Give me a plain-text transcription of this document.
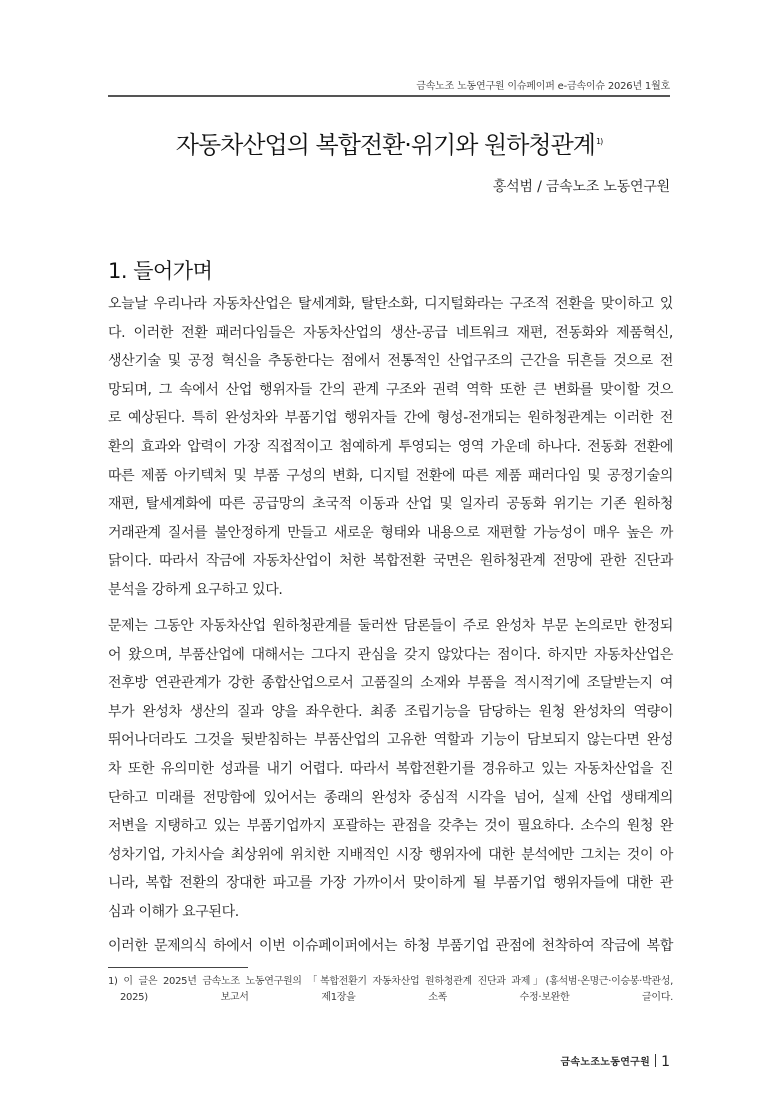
금속노조 노동연구원 이슈페이퍼 e-금속이슈 2026년 1월호
자동차산업의 복합전환·위기와 원하청관계$^{1)}$
홍석범 / 금속노조 노동연구원
1. 들어가며
오늘날 우리나라 자동차산업은 탈세계화, 탈탄소화, 디지털화라는 구조적 전환을 맞이하고 있
다. 이러한 전환 패러다임들은 자동차산업의 생산-공급 네트워크 재편, 전동화와 제품혁신,
생산기술 및 공정 혁신을 추동한다는 점에서 전통적인 산업구조의 근간을 뒤흔들 것으로 전
망되며, 그 속에서 산업 행위자들 간의 관계 구조와 권력 역학 또한 큰 변화를 맞이할 것으
로 예상된다. 특히 완성차와 부품기업 행위자들 간에 형성-전개되는 원하청관계는 이러한 전
환의 효과와 압력이 가장 직접적이고 첨예하게 투영되는 영역 가운데 하나다. 전동화 전환에
따른 제품 아키텍처 및 부품 구성의 변화, 디지털 전환에 따른 제품 패러다임 및 공정기술의
재편, 탈세계화에 따른 공급망의 초국적 이동과 산업 및 일자리 공동화 위기는 기존 원하청
거래관계 질서를 불안정하게 만들고 새로운 형태와 내용으로 재편할 가능성이 매우 높은 까
닭이다. 따라서 작금에 자동차산업이 처한 복합전환 국면은 원하청관계 전망에 관한 진단과
분석을 강하게 요구하고 있다.
문제는 그동안 자동차산업 원하청관계를 둘러싼 담론들이 주로 완성차 부문 논의로만 한정되
어 왔으며, 부품산업에 대해서는 그다지 관심을 갖지 않았다는 점이다. 하지만 자동차산업은
전후방 연관관계가 강한 종합산업으로서 고품질의 소재와 부품을 적시적기에 조달받는지 여
부가 완성차 생산의 질과 양을 좌우한다. 최종 조립기능을 담당하는 원청 완성차의 역량이
뛰어나더라도 그것을 뒷받침하는 부품산업의 고유한 역할과 기능이 담보되지 않는다면 완성
차 또한 유의미한 성과를 내기 어렵다. 따라서 복합전환기를 경유하고 있는 자동차산업을 진
단하고 미래를 전망함에 있어서는 종래의 완성차 중심적 시각을 넘어, 실제 산업 생태계의
저변을 지탱하고 있는 부품기업까지 포괄하는 관점을 갖추는 것이 필요하다. 소수의 원청 완
성차기업, 가치사슬 최상위에 위치한 지배적인 시장 행위자에 대한 분석에만 그치는 것이 아
니라, 복합 전환의 장대한 파고를 가장 가까이서 맞이하게 될 부품기업 행위자들에 대한 관
심과 이해가 요구된다.
이러한 문제의식 하에서 이번 이슈페이퍼에서는 하청 부품기업 관점에 천착하여 작금에 복합
1) 이 글은 2025년 금속노조 노동연구원의 「복합전환기 자동차산업 원하청관계 진단과 과제」(홍석범·온명근·이승봉·박관성,
2025) 보고서 제1장을 소폭 수정·보완한 글이다.
금속노조노동연구원 1
